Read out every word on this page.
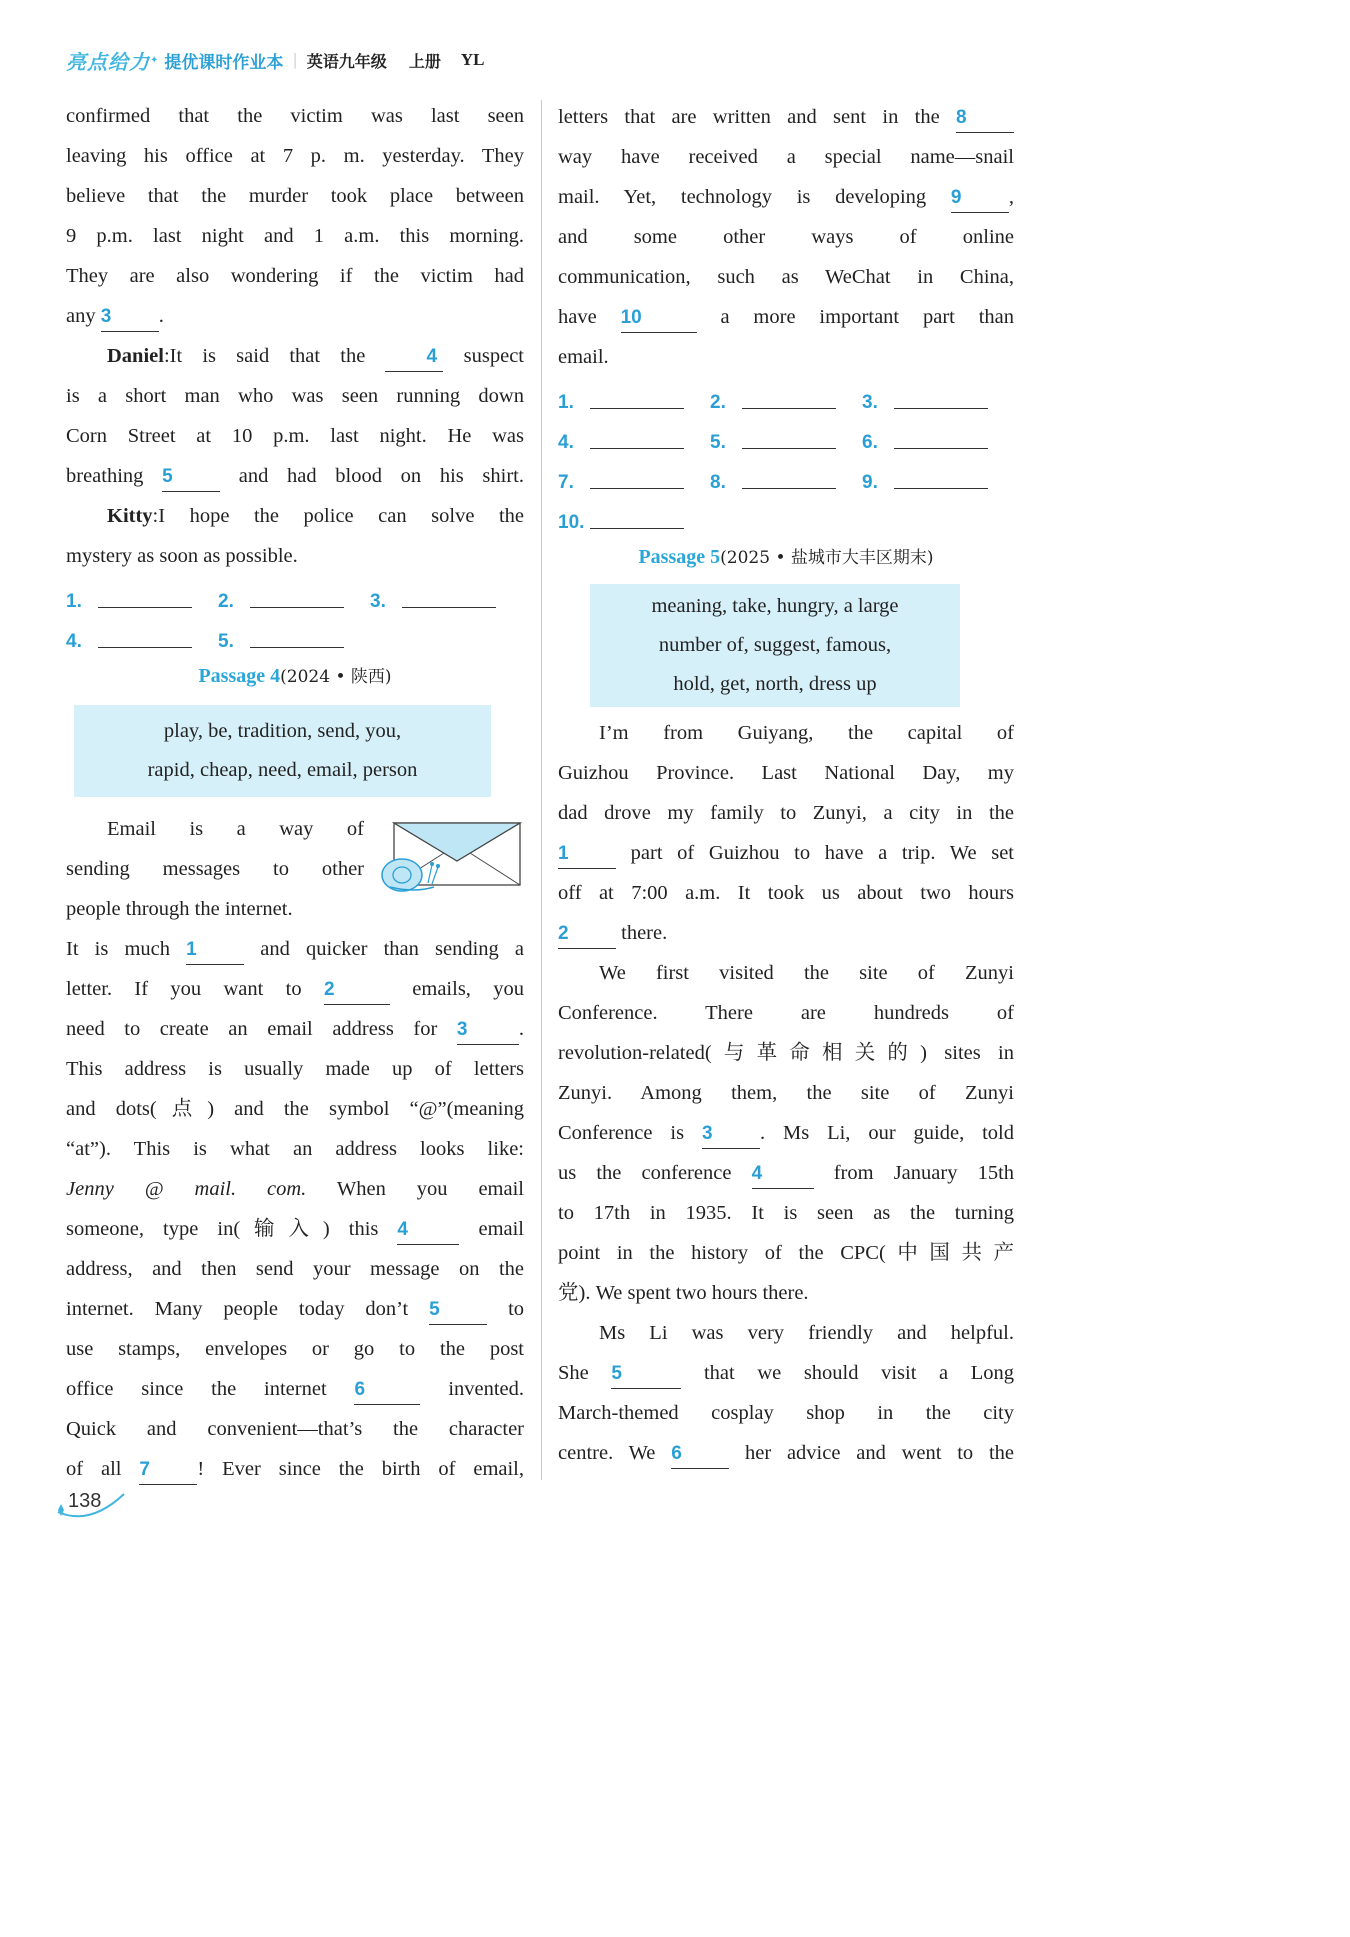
亮点给力 ✦ 提优课时作业本 | 英语九年级 上册 YL

confirmed that the victim was last seen

leaving his office at 7 p. m. yesterday. They

believe that the murder took place between

9 p.m. last night and 1 a.m. this morning.

They are also wondering if the victim had

any 3 .

Daniel:It is said that the	4 suspect

is a short man who was seen running down

Corn Street at 10 p.m. last night. He was

breathing 5	and had blood on his shirt.

Kitty:I hope the police can solve the

mystery as soon as possible.

1.	2.	3.
4.	5.

Passage 4(2024 • 陕西)

play, be, tradition, send, you,
rapid, cheap, need, email, person

Email is a way of

sending messages to other

people through the internet.

It is much 1	and quicker than sending a

letter. If you want to 2	emails, you

need to create an email address for 3	.

This address is usually made up of letters

and dots(点) and the symbol “@”(meaning

“at”). This is what an address looks like:

Jenny @ mail. com. When you email

someone, type in(输入) this 4	email

address, and then send your message on the

internet. Many people today don’t 5	to

use stamps, envelopes or go to the post

office since the internet 6	invented.

Quick and convenient—that’s the character

of all 7 ! Ever since the birth of email,

letters that are written and sent in the 8

way have received a special name—snail

mail. Yet, technology is developing 9 ,

and some other ways of online

communication, such as WeChat in China,

have 10	a more important part than

email.

1.	2.	3.
4.	5.	6.
7.	8.	9.
10.

Passage 5(2025 • 盐城市大丰区期末)

meaning, take, hungry, a large
number of, suggest, famous,
hold, get, north, dress up

I’m from Guiyang, the capital of

Guizhou Province. Last National Day, my

dad drove my family to Zunyi, a city in the

1	part of Guizhou to have a trip. We set

off at 7:00 a.m. It took us about two hours

2	there.

We first visited the site of Zunyi

Conference. There are hundreds of

revolution-related(与革命相关的) sites in

Zunyi. Among them, the site of Zunyi

Conference is 3 . Ms Li, our guide, told

us the conference 4	from January 15th

to 17th in 1935. It is seen as the turning

point in the history of the CPC(中国共产

党). We spent two hours there.

Ms Li was very friendly and helpful.

She 5	that we should visit a Long

March-themed cosplay shop in the city

centre. We 6	her advice and went to the

138
